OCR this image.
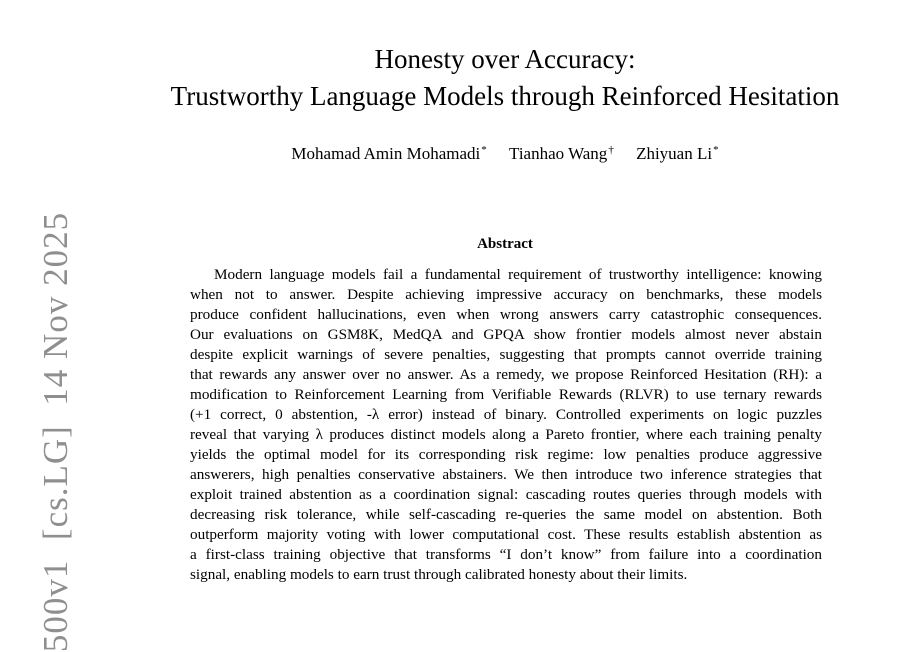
Honesty over Accuracy:
Trustworthy Language Models through Reinforced Hesitation
Mohamad Amin Mohamadi* Tianhao Wang† Zhiyuan Li*
500v1  [cs.LG]  14 Nov 2025	Abstract
Modern language models fail a fundamental requirement of trustworthy intelligence: knowing
when not to answer. Despite achieving impressive accuracy on benchmarks, these models
produce confident hallucinations, even when wrong answers carry catastrophic consequences.
Our evaluations on GSM8K, MedQA and GPQA show frontier models almost never abstain
despite explicit warnings of severe penalties, suggesting that prompts cannot override training
that rewards any answer over no answer. As a remedy, we propose Reinforced Hesitation (RH): a
modification to Reinforcement Learning from Verifiable Rewards (RLVR) to use ternary rewards
(+1 correct, 0 abstention, -λ error) instead of binary. Controlled experiments on logic puzzles
reveal that varying λ produces distinct models along a Pareto frontier, where each training penalty
yields the optimal model for its corresponding risk regime: low penalties produce aggressive
answerers, high penalties conservative abstainers. We then introduce two inference strategies that
exploit trained abstention as a coordination signal: cascading routes queries through models with
decreasing risk tolerance, while self-cascading re-queries the same model on abstention. Both
outperform majority voting with lower computational cost. These results establish abstention as
a first-class training objective that transforms “I don’t know” from failure into a coordination
signal, enabling models to earn trust through calibrated honesty about their limits.
